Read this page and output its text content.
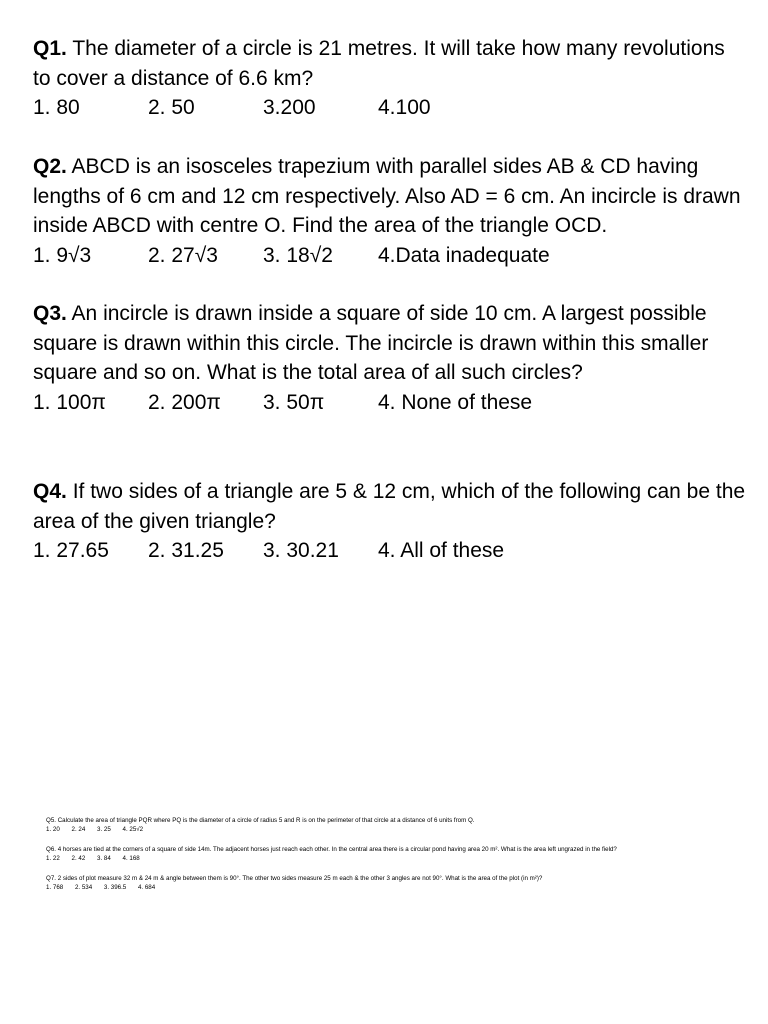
Q1. The diameter of a circle is 21 metres. It will take how many revolutions to cover a distance of 6.6 km?

1. 80	2. 50	3.200	4.100

Q2. ABCD is an isosceles trapezium with parallel sides AB & CD having lengths of 6 cm and 12 cm respectively. Also AD = 6 cm. An incircle is drawn inside ABCD with centre O. Find the area of the triangle OCD.

1. 9√3	2. 27√3	3. 18√2	4.Data inadequate

Q3. An incircle is drawn inside a square of side 10 cm. A largest possible square is drawn within this circle. The incircle is drawn within this smaller square and so on. What is the total area of all such circles?

1. 100π	2. 200π	3. 50π	4. None of these

Q4. If two sides of a triangle are 5 & 12 cm, which of the following can be the area of the given triangle?

1. 27.65	2. 31.25	3. 30.21	4. All of these

Q5. Calculate the area of triangle PQR where PQ is the diameter of a circle of radius 5 and R is on the perimeter of that circle at a distance of 6 units from Q.

1. 20 2. 24 3. 25 4. 25√2

Q6. 4 horses are tied at the corners of a square of side 14m. The adjacent horses just reach each other. In the central area there is a circular pond having area 20 m². What is the area left ungrazed in the field?

1. 22 2. 42 3. 84 4. 168

Q7. 2 sides of plot measure 32 m & 24 m & angle between them is 90°. The other two sides measure 25 m each & the other 3 angles are not 90°. What is the area of the plot (in m²)?

1. 768 2. 534 3. 396.5 4. 684
